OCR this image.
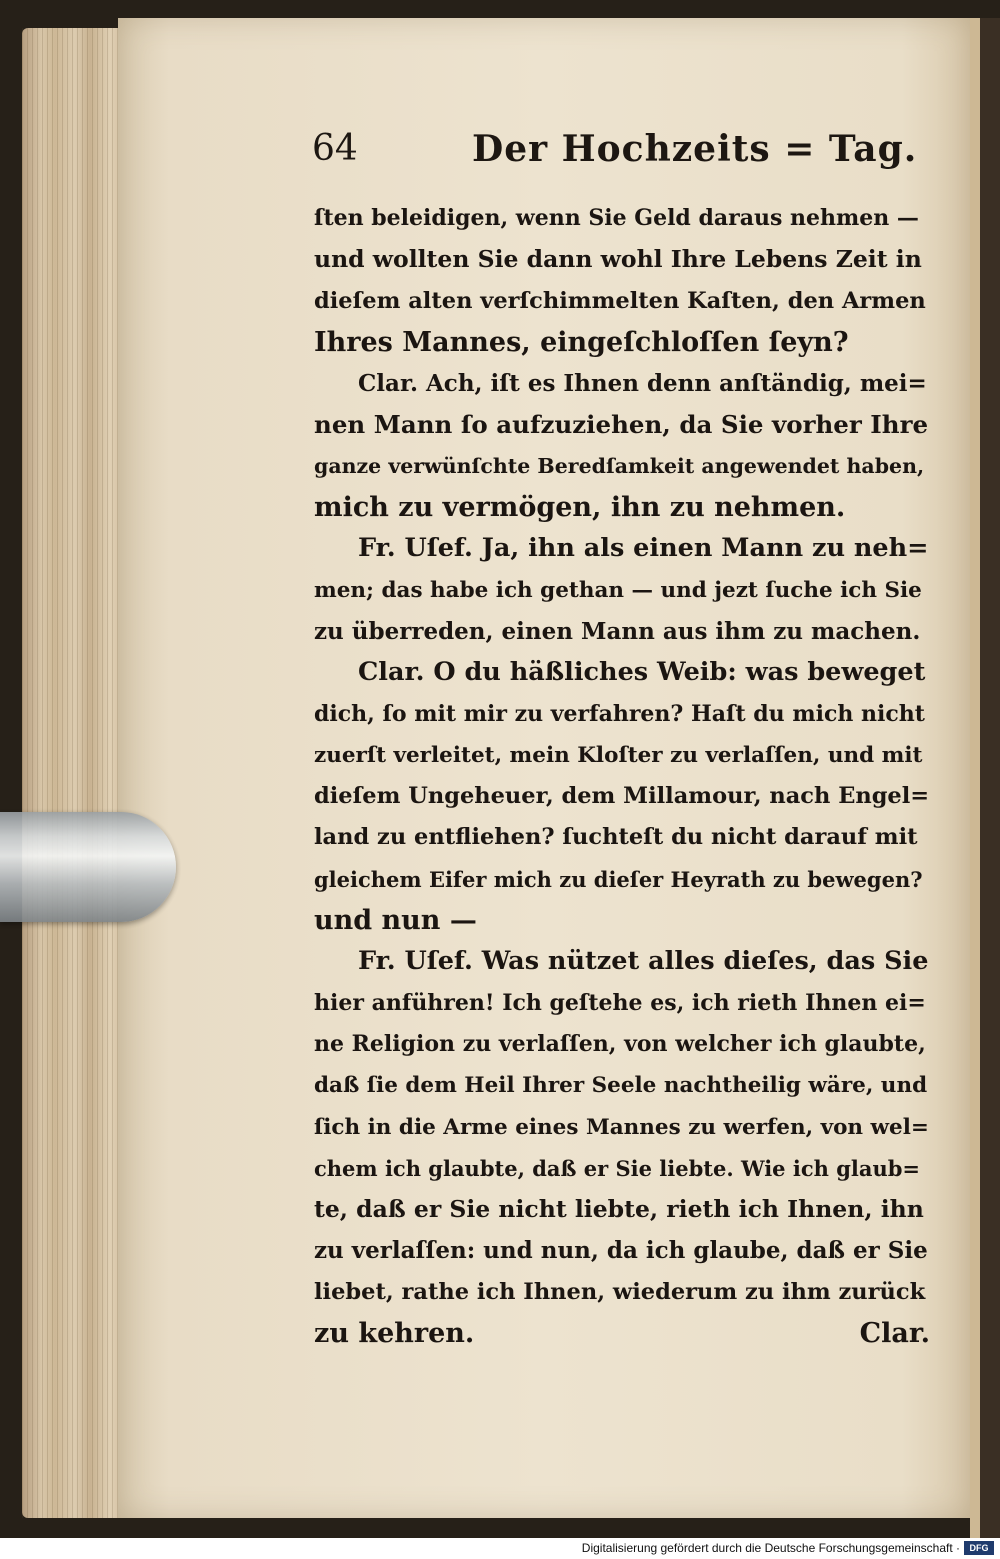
64	Der Hochzeits = Tag.
ſten beleidigen, wenn Sie Geld daraus nehmen —
und wollten Sie dann wohl Ihre Lebens Zeit in
dieſem alten verſchimmelten Kaſten, den Armen
Ihres Mannes, eingeſchloſſen ſeyn?
Clar. Ach, iſt es Ihnen denn anſtändig, mei=
nen Mann ſo aufzuziehen, da Sie vorher Ihre
ganze verwünſchte Beredſamkeit angewendet haben,
mich zu vermögen, ihn zu nehmen.
Fr. Uſef. Ja, ihn als einen Mann zu neh=
men; das habe ich gethan — und jezt ſuche ich Sie
zu überreden, einen Mann aus ihm zu machen.
Clar. O du häßliches Weib: was beweget
dich, ſo mit mir zu verfahren? Haſt du mich nicht
zuerſt verleitet, mein Kloſter zu verlaſſen, und mit
dieſem Ungeheuer, dem Millamour, nach Engel=
land zu entfliehen? ſuchteſt du nicht darauf mit
gleichem Eifer mich zu dieſer Heyrath zu bewegen?
und nun —
Fr. Uſef. Was nützet alles dieſes, das Sie
hier anführen! Ich geſtehe es, ich rieth Ihnen ei=
ne Religion zu verlaſſen, von welcher ich glaubte,
daß ſie dem Heil Ihrer Seele nachtheilig wäre, und
ſich in die Arme eines Mannes zu werfen, von wel=
chem ich glaubte, daß er Sie liebte. Wie ich glaub=
te, daß er Sie nicht liebte, rieth ich Ihnen, ihn
zu verlaſſen: und nun, da ich glaube, daß er Sie
liebet, rathe ich Ihnen, wiederum zu ihm zurück
zu kehren.	Clar.
Digitalisierung gefördert durch die Deutsche Forschungsgemeinschaft ·	DFG
